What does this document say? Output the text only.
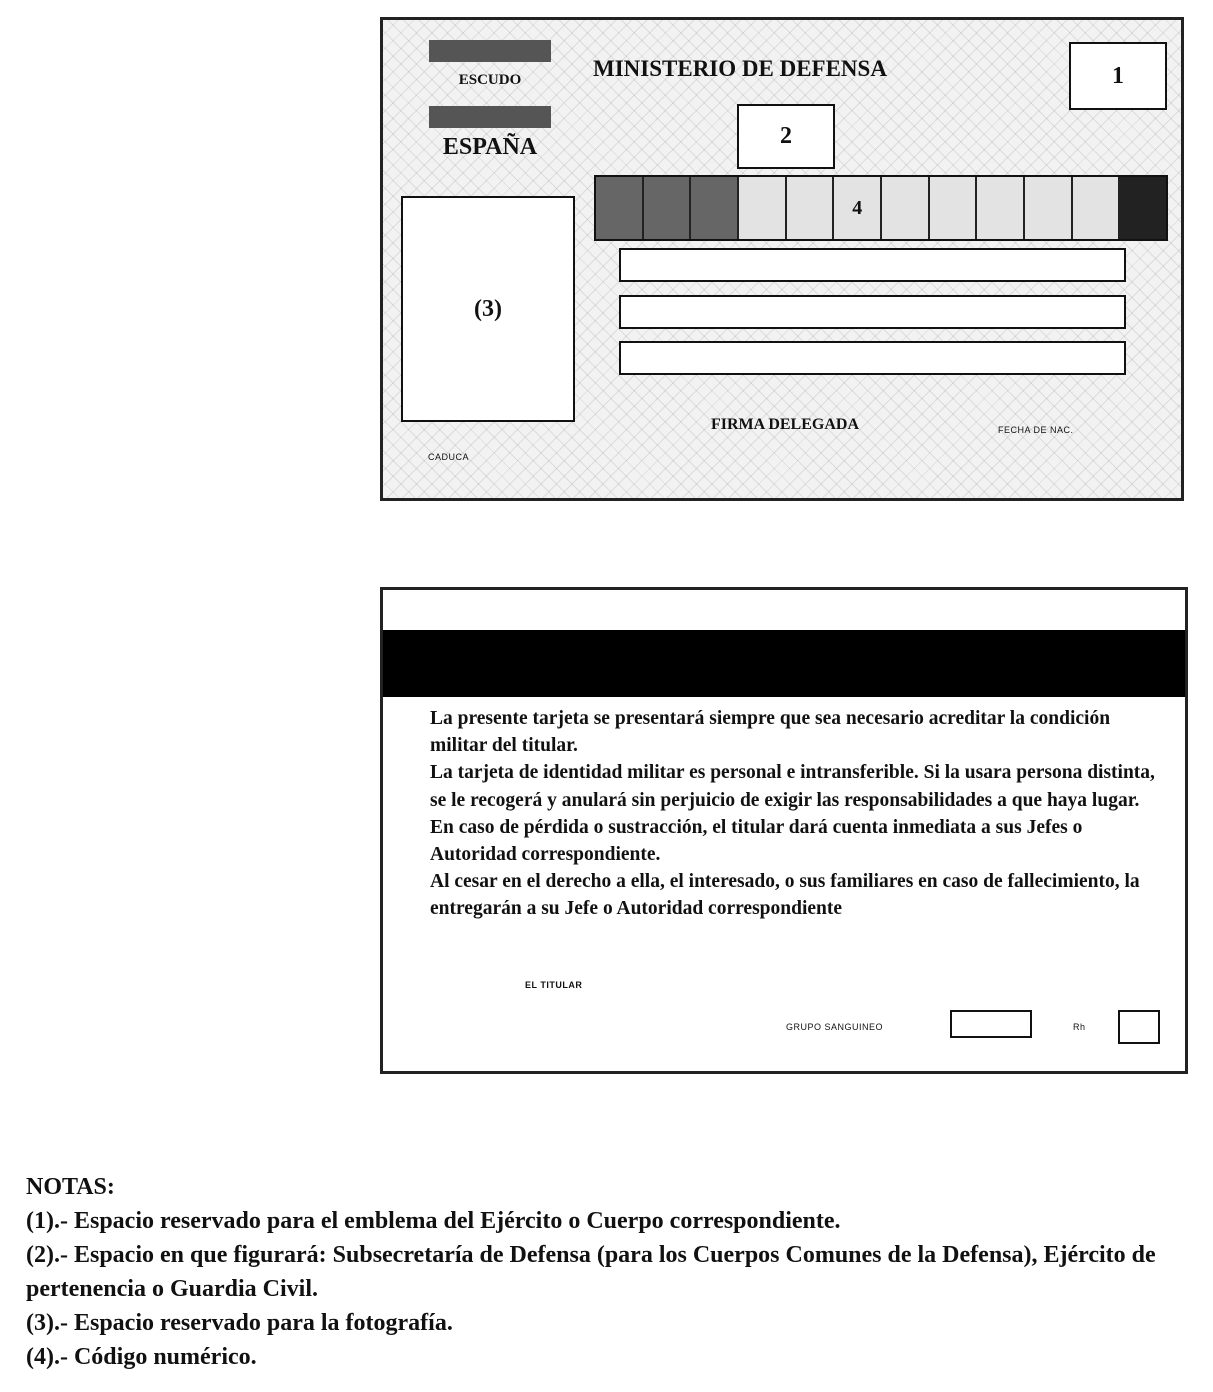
ESCUDO
ESPAÑA
MINISTERIO DE DEFENSA	1
2
(3)
4
FIRMA DELEGADA
CADUCA
FECHA DE NAC.

La presente tarjeta se presentará siempre que sea necesario acreditar la condición militar del titular.

La tarjeta de identidad militar es personal e intransferible. Si la usara persona distinta, se le recogerá y anulará sin perjuicio de exigir las responsabilidades a que haya lugar.

En caso de pérdida o sustracción, el titular dará cuenta inmediata a sus Jefes o Autoridad correspondiente.

Al cesar en el derecho a ella, el interesado, o sus familiares en caso de fallecimiento, la entregarán a su Jefe o Autoridad correspondiente

EL TITULAR
GRUPO SANGUINEO	Rh

NOTAS:

(1).- Espacio reservado para el emblema del Ejército o Cuerpo correspondiente.

(2).- Espacio en que figurará: Subsecretaría de Defensa (para los Cuerpos Comunes de la Defensa), Ejército de pertenencia o Guardia Civil.

(3).- Espacio reservado para la fotografía.

(4).- Código numérico.
